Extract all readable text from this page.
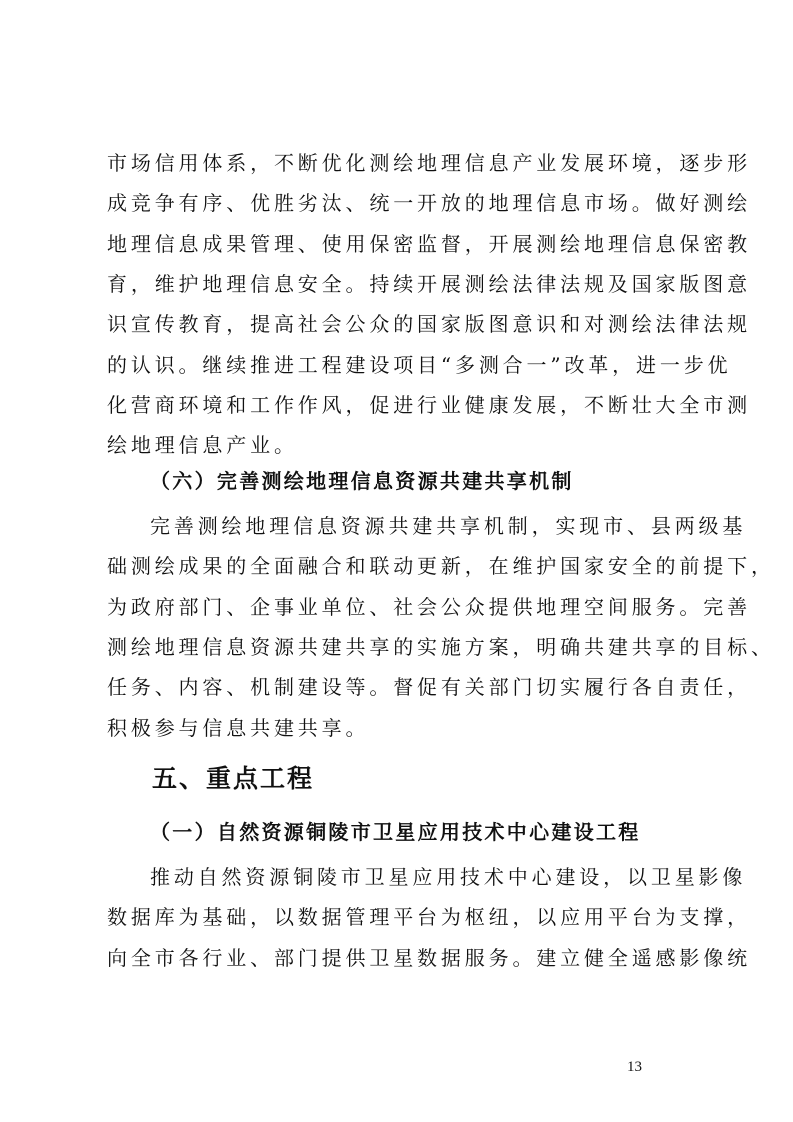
市场信用体系，不断优化测绘地理信息产业发展环境，逐步形
成竞争有序、优胜劣汰、统一开放的地理信息市场。做好测绘
地理信息成果管理、使用保密监督，开展测绘地理信息保密教
育，维护地理信息安全。持续开展测绘法律法规及国家版图意
识宣传教育，提高社会公众的国家版图意识和对测绘法律法规
的认识。继续推进工程建设项目“多测合一”改革，进一步优
化营商环境和工作作风，促进行业健康发展，不断壮大全市测
绘地理信息产业。
（六）完善测绘地理信息资源共建共享机制
完善测绘地理信息资源共建共享机制，实现市、县两级基
础测绘成果的全面融合和联动更新，在维护国家安全的前提下，
为政府部门、企事业单位、社会公众提供地理空间服务。完善
测绘地理信息资源共建共享的实施方案，明确共建共享的目标、
任务、内容、机制建设等。督促有关部门切实履行各自责任，
积极参与信息共建共享。
五、重点工程
（一）自然资源铜陵市卫星应用技术中心建设工程
推动自然资源铜陵市卫星应用技术中心建设，以卫星影像
数据库为基础，以数据管理平台为枢纽，以应用平台为支撑，
向全市各行业、部门提供卫星数据服务。建立健全遥感影像统
13
